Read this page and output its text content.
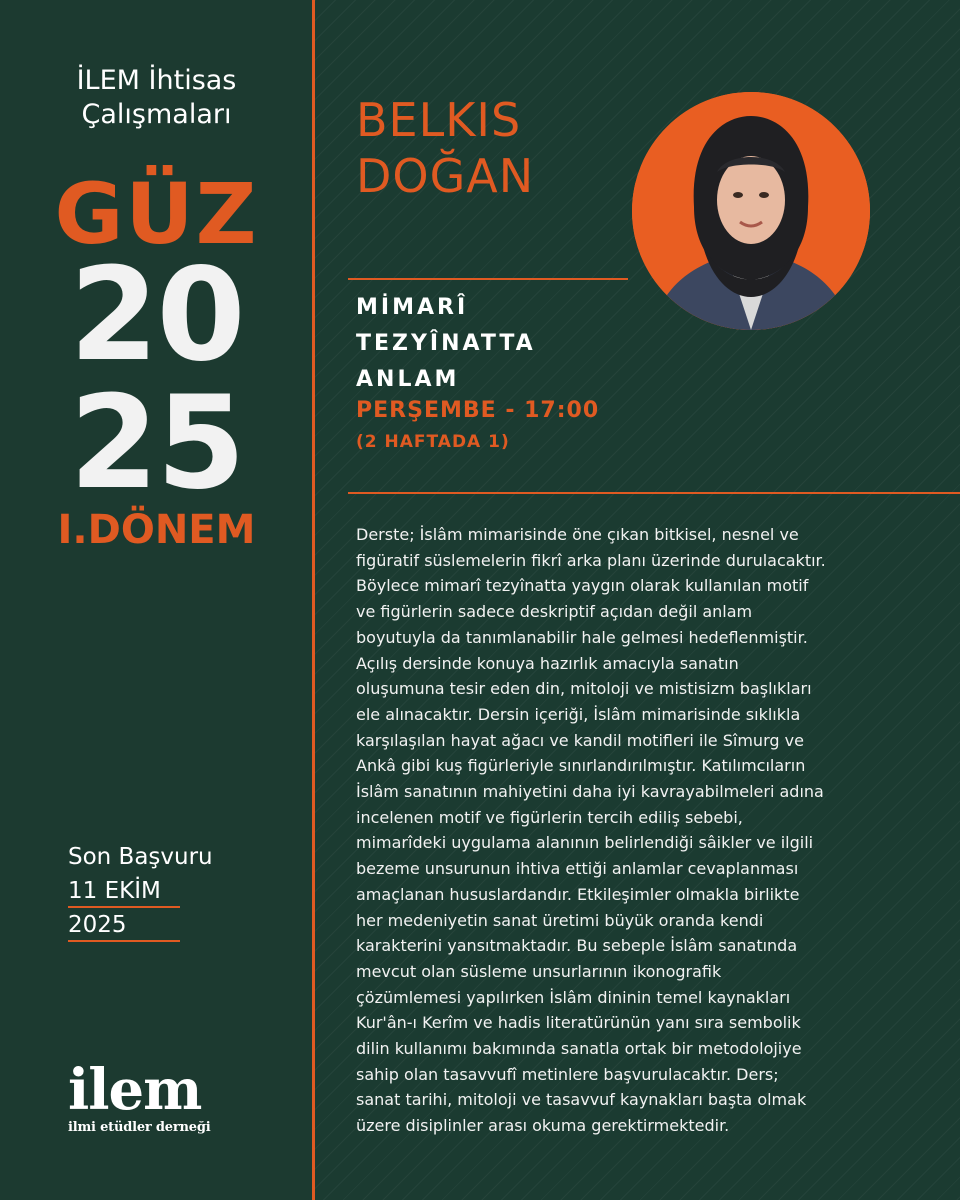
İLEM İhtisas
Çalışmaları
GÜZ
20
25
I.DÖNEM
Son Başvuru
11 EKİM
2025
ilem
ilmi etüdler derneği
BELKIS
DOĞAN
MİMARÎ
TEZYÎNATTA
ANLAM
PERŞEMBE - 17:00
(2 HAFTADA 1)
Derste; İslâm mimarisinde öne çıkan bitkisel, nesnel ve
figüratif süslemelerin fikrî arka planı üzerinde durulacaktır.
Böylece mimarî tezyînatta yaygın olarak kullanılan motif
ve figürlerin sadece deskriptif açıdan değil anlam
boyutuyla da tanımlanabilir hale gelmesi hedeflenmiştir.
Açılış dersinde konuya hazırlık amacıyla sanatın
oluşumuna tesir eden din, mitoloji ve mistisizm başlıkları
ele alınacaktır. Dersin içeriği, İslâm mimarisinde sıklıkla
karşılaşılan hayat ağacı ve kandil motifleri ile Sîmurg ve
Ankâ gibi kuş figürleriyle sınırlandırılmıştır. Katılımcıların
İslâm sanatının mahiyetini daha iyi kavrayabilmeleri adına
incelenen motif ve figürlerin tercih ediliş sebebi,
mimarîdeki uygulama alanının belirlendiği sâikler ve ilgili
bezeme unsurunun ihtiva ettiği anlamlar cevaplanması
amaçlanan hususlardandır. Etkileşimler olmakla birlikte
her medeniyetin sanat üretimi büyük oranda kendi
karakterini yansıtmaktadır. Bu sebeple İslâm sanatında
mevcut olan süsleme unsurlarının ikonografik
çözümlemesi yapılırken İslâm dininin temel kaynakları
Kur'ân-ı Kerîm ve hadis literatürünün yanı sıra sembolik
dilin kullanımı bakımında sanatla ortak bir metodolojiye
sahip olan tasavvufî metinlere başvurulacaktır. Ders;
sanat tarihi, mitoloji ve tasavvuf kaynakları başta olmak
üzere disiplinler arası okuma gerektirmektedir.
